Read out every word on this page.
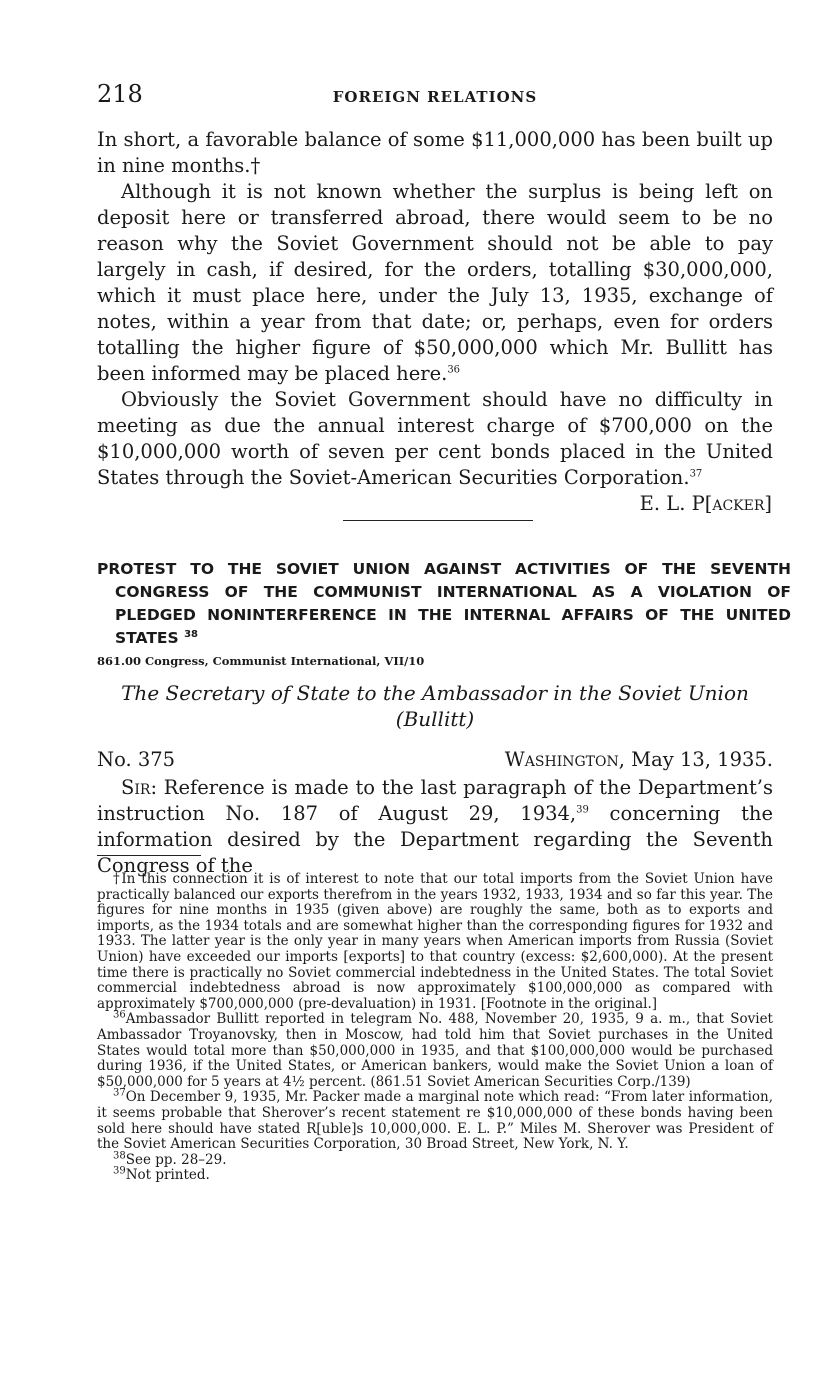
218	FOREIGN RELATIONS

In short, a favorable balance of some $11,000,000 has been built up in nine months.†

Although it is not known whether the surplus is being left on deposit here or transferred abroad, there would seem to be no reason why the Soviet Government should not be able to pay largely in cash, if desired, for the orders, totalling $30,000,000, which it must place here, under the July 13, 1935, exchange of notes, within a year from that date; or, perhaps, even for orders totalling the higher figure of $50,000,000 which Mr. Bullitt has been informed may be placed here.$^{36}$

Obviously the Soviet Government should have no difficulty in meeting as due the annual interest charge of $700,000 on the $10,000,000 worth of seven per cent bonds placed in the United States through the Soviet-American Securities Corporation.$^{37}$

E. L. P[acker]

PROTEST TO THE SOVIET UNION AGAINST ACTIVITIES OF THE SEVENTH CONGRESS OF THE COMMUNIST INTERNATIONAL AS A VIOLATION OF PLEDGED NONINTERFERENCE IN THE INTERNAL AFFAIRS OF THE UNITED STATES $^{38}$

861.00 Congress, Communist International, VII/10

The Secretary of State to the Ambassador in the Soviet Union
(Bullitt)

No. 375	Washington, May 13, 1935.

Sir: Reference is made to the last paragraph of the Department’s instruction No. 187 of August 29, 1934,39 concerning the information desired by the Department regarding the Seventh Congress of the

†In this connection it is of interest to note that our total imports from the Soviet Union have practically balanced our exports therefrom in the years 1932, 1933, 1934 and so far this year. The figures for nine months in 1935 (given above) are roughly the same, both as to exports and imports, as the 1934 totals and are somewhat higher than the corresponding figures for 1932 and 1933. The latter year is the only year in many years when American imports from Russia (Soviet Union) have exceeded our imports [exports] to that country (excess: $2,600,000). At the present time there is practically no Soviet commercial indebtedness in the United States. The total Soviet commercial indebtedness abroad is now approximately $100,000,000 as compared with approximately $700,000,000 (pre-devaluation) in 1931. [Footnote in the original.]

$^{36}$Ambassador Bullitt reported in telegram No. 488, November 20, 1935, 9 a. m., that Soviet Ambassador Troyanovsky, then in Moscow, had told him that Soviet purchases in the United States would total more than $50,000,000 in 1935, and that $100,000,000 would be purchased during 1936, if the United States, or American bankers, would make the Soviet Union a loan of $50,000,000 for 5 years at 4½ percent. (861.51 Soviet American Securities Corp./139)

$^{37}$On December 9, 1935, Mr. Packer made a marginal note which read: “From later information, it seems probable that Sherover’s recent statement re $10,000,000 of these bonds having been sold here should have stated R[uble]s 10,000,000. E. L. P.” Miles M. Sherover was President of the Soviet American Securities Corporation, 30 Broad Street, New York, N. Y.

$^{38}$See pp. 28–29.

$^{39}$Not printed.
